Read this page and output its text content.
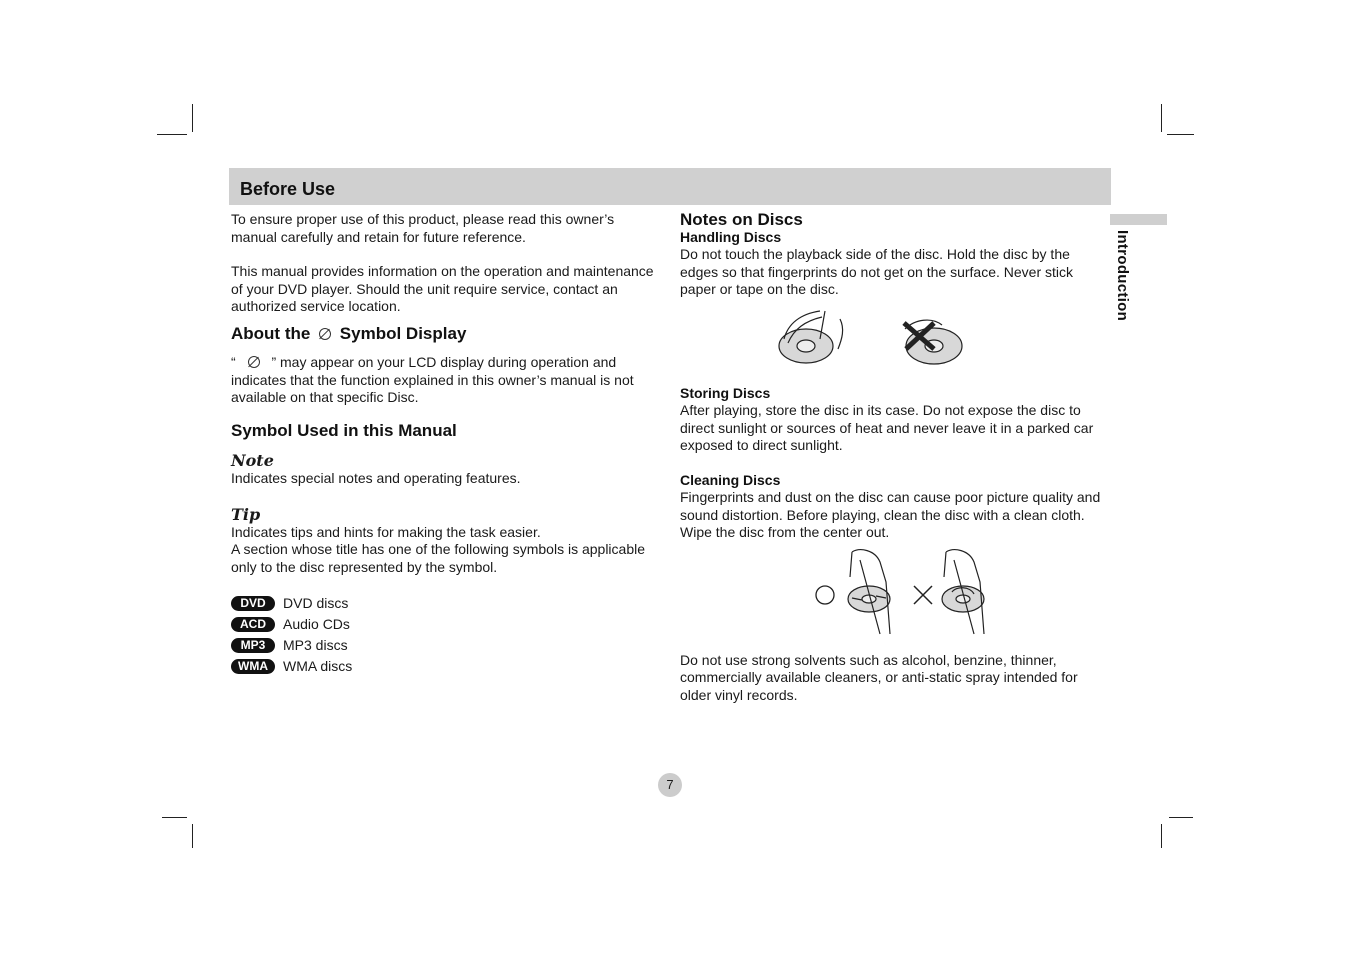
Before Use
Introduction

To ensure proper use of this product, please read this owner’s manual carefully and retain for future reference.

This manual provides information on the operation and maintenance of your DVD player. Should the unit require service, contact an authorized service location.

About the Symbol Display

“	” may appear on your LCD display during operation and indicates that the function explained in this owner’s manual is not available on that specific Disc.

Symbol Used in this Manual
Note

Indicates special notes and operating features.

Tip

Indicates tips and hints for making the task easier.

A section whose title has one of the following symbols is applicable only to the disc represented by the symbol.

DVD	DVD discs
ACD	Audio CDs
MP3	MP3 discs
WMA	WMA discs
Notes on Discs
Handling Discs

Do not touch the playback side of the disc. Hold the disc by the edges so that fingerprints do not get on the surface. Never stick paper or tape on the disc.

Storing Discs

After playing, store the disc in its case. Do not expose the disc to direct sunlight or sources of heat and never leave it in a parked car exposed to direct sunlight.

Cleaning Discs

Fingerprints and dust on the disc can cause poor picture quality and sound distortion. Before playing, clean the disc with a clean cloth. Wipe the disc from the center out.

Do not use strong solvents such as alcohol, benzine, thinner, commercially available cleaners, or anti-static spray intended for older vinyl records.

7
